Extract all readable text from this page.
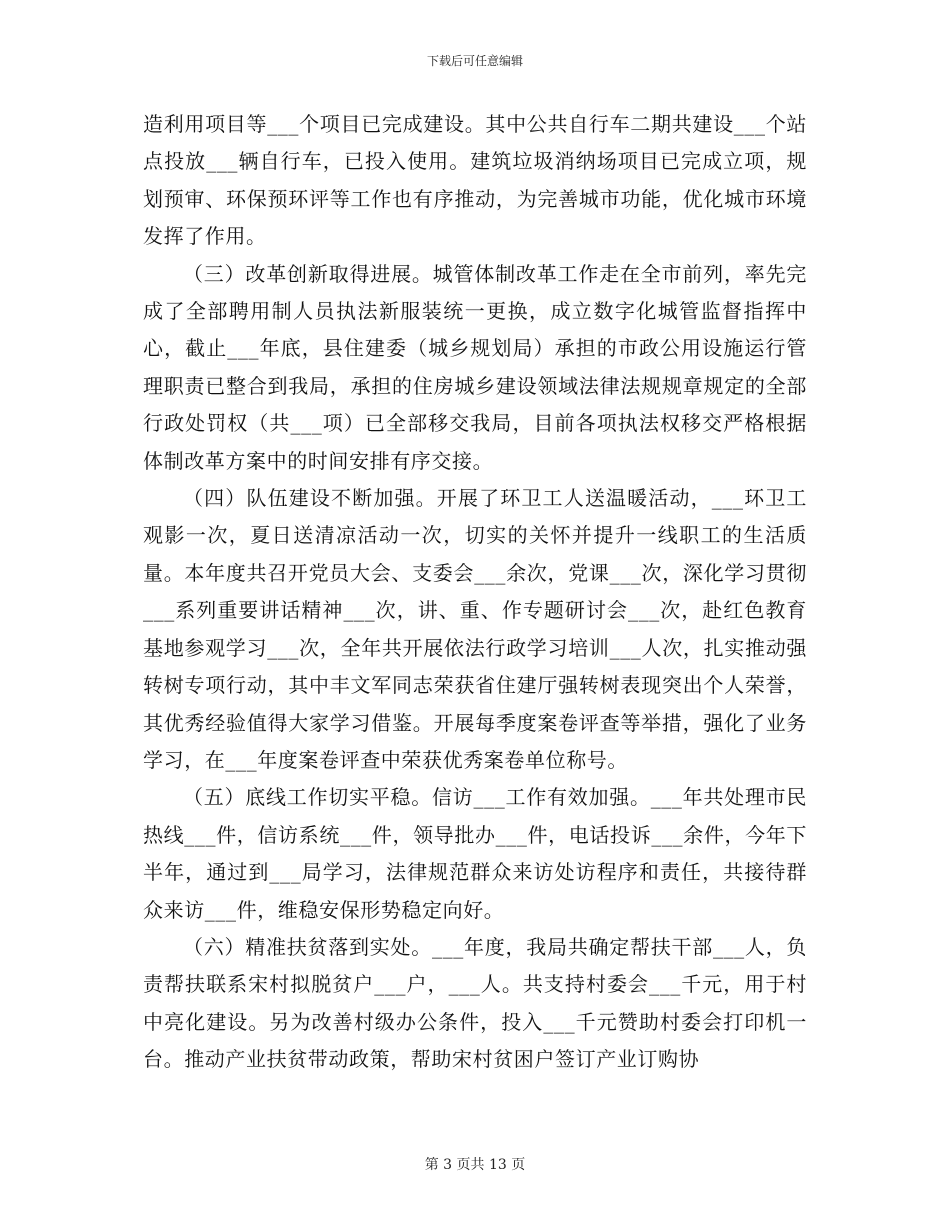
下载后可任意编辑

造利用项目等___个项目已完成建设。其中公共自行车二期共建设___个站点投放___辆自行车，已投入使用。建筑垃圾消纳场项目已完成立项，规划预审、环保预环评等工作也有序推动，为完善城市功能，优化城市环境发挥了作用。

（三）改革创新取得进展。城管体制改革工作走在全市前列，率先完成了全部聘用制人员执法新服装统一更换，成立数字化城管监督指挥中心，截止___年底，县住建委（城乡规划局）承担的市政公用设施运行管理职责已整合到我局，承担的住房城乡建设领域法律法规规章规定的全部行政处罚权（共___项）已全部移交我局，目前各项执法权移交严格根据体制改革方案中的时间安排有序交接。

（四）队伍建设不断加强。开展了环卫工人送温暖活动，___环卫工观影一次，夏日送清凉活动一次，切实的关怀并提升一线职工的生活质量。本年度共召开党员大会、支委会___余次，党课___次，深化学习贯彻___系列重要讲话精神___次，讲、重、作专题研讨会___次，赴红色教育基地参观学习___次，全年共开展依法行政学习培训___人次，扎实推动强转树专项行动，其中丰文军同志荣获省住建厅强转树表现突出个人荣誉，其优秀经验值得大家学习借鉴。开展每季度案卷评查等举措，强化了业务学习，在___年度案卷评查中荣获优秀案卷单位称号。

（五）底线工作切实平稳。信访___工作有效加强。___年共处理市民热线___件，信访系统___件，领导批办___件，电话投诉___余件，今年下半年，通过到___局学习，法律规范群众来访处访程序和责任，共接待群众来访___件，维稳安保形势稳定向好。

（六）精准扶贫落到实处。___年度，我局共确定帮扶干部___人，负责帮扶联系宋村拟脱贫户___户，___人。共支持村委会___千元，用于村中亮化建设。另为改善村级办公条件，投入___千元赞助村委会打印机一台。推动产业扶贫带动政策，帮助宋村贫困户签订产业订购协

第 3 页共 13 页
